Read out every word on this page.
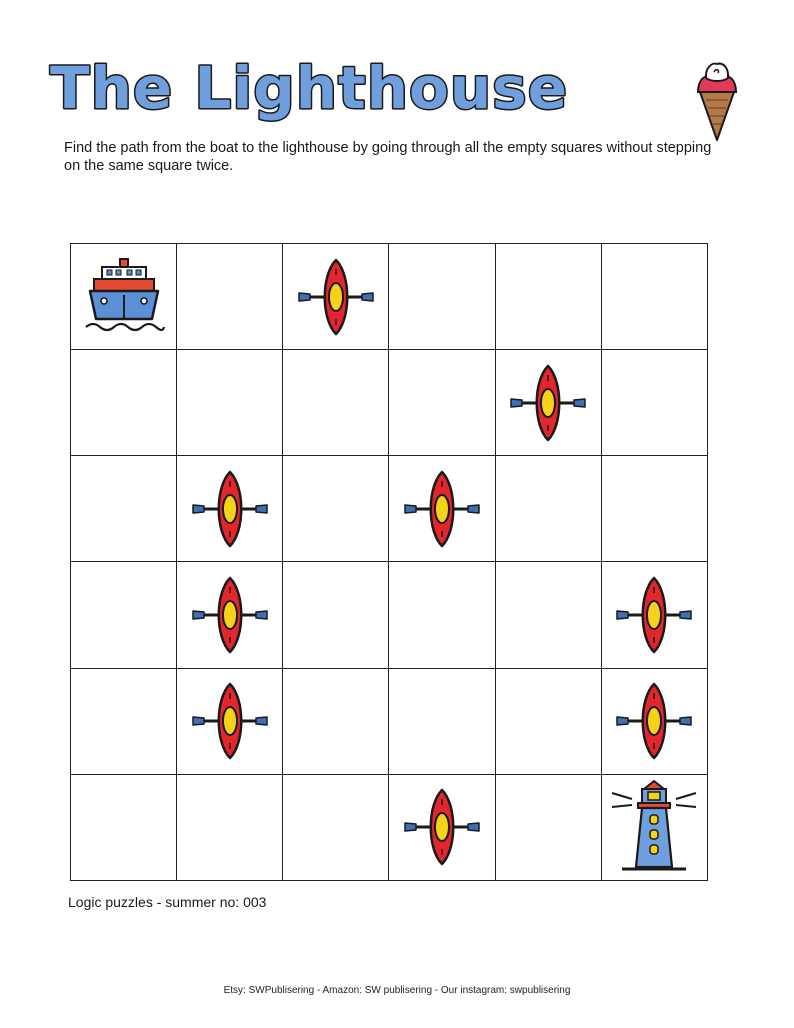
The Lighthouse
Find the path from the boat to the lighthouse by going through all the empty squares without stepping on the same square twice.
Logic puzzles - summer no: 003
Etsy: SWPublisering - Amazon: SW publisering - Our instagram: swpublisering
